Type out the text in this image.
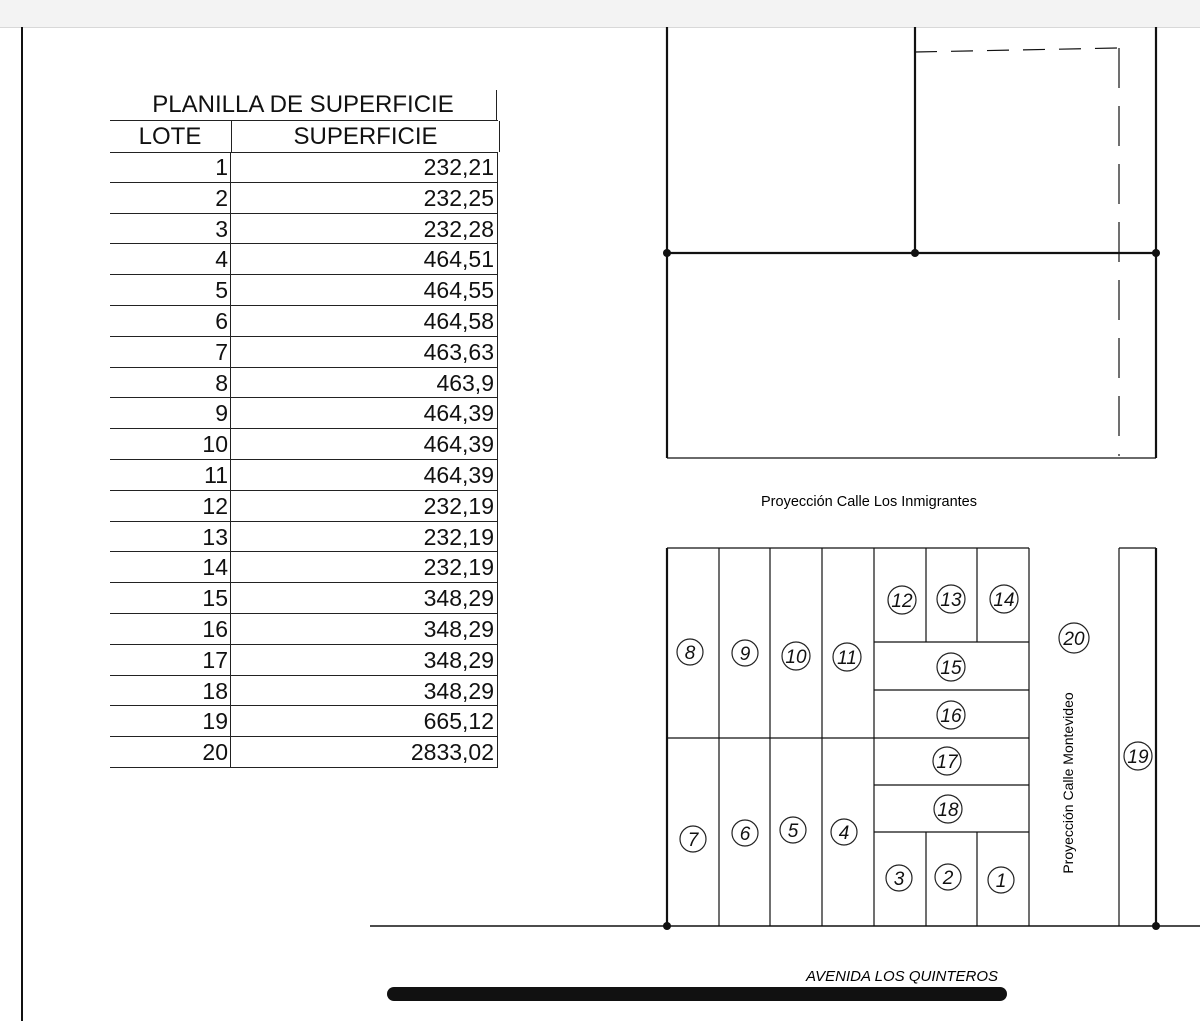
PLANILLA DE SUPERFICIE
LOTE	SUPERFICIE
1	232,21
2	232,25
3	232,28
4	464,51
5	464,55
6	464,58
7	463,63
8	463,9
9	464,39
10	464,39
11	464,39
12	232,19
13	232,19
14	232,19
15	348,29
16	348,29
17	348,29
18	348,29
19	665,12
20	2833,02
Proyección Calle Los Inmigrantes
Proyección Calle Montevideo
AVENIDA LOS QUINTEROS
1
2
3
4
5
6
7
8 9 10 11
12 13 14
15
16
17
18
19
20
